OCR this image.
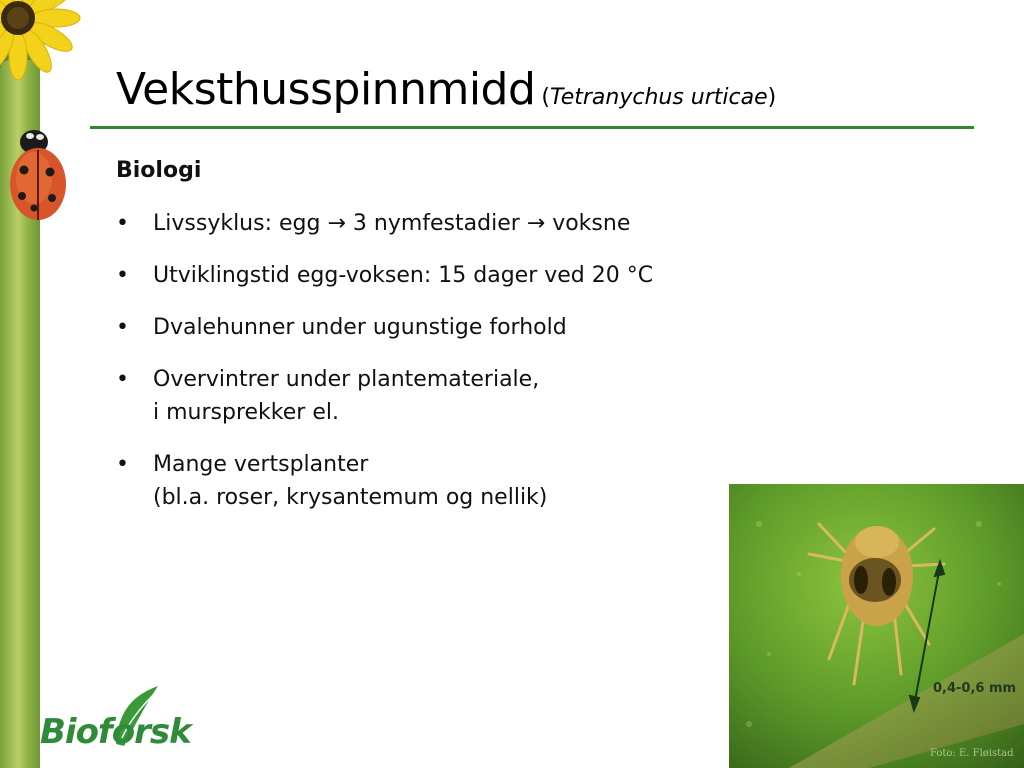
Veksthusspinnmidd (Tetranychus urticae)
Biologi
•	Livssyklus: egg → 3 nymfestadier → voksne
•	Utviklingstid egg-voksen: 15 dager ved 20 °C
•	Dvalehunner under ugunstige forhold
•	Overvintrer under plantemateriale,
i mursprekker el.
•	Mange vertsplanter
(bl.a. roser, krysantemum og nellik)
0,4-0,6 mm
Foto: E. Fløistad
Bioforsk
